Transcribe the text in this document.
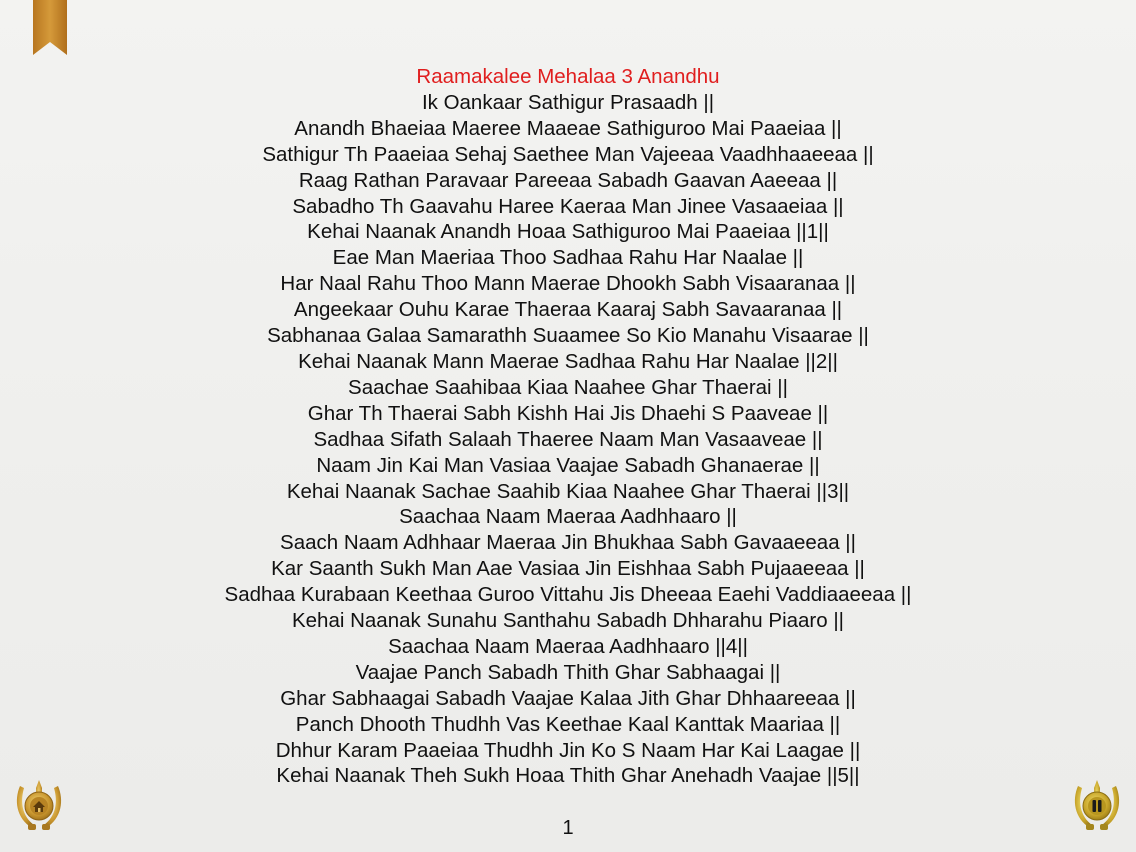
Raamakalee Mehalaa 3 Anandhu
Ik Oankaar Sathigur Prasaadh ||
Anandh Bhaeiaa Maeree Maaeae Sathiguroo Mai Paaeiaa ||
Sathigur Th Paaeiaa Sehaj Saethee Man Vajeeaa Vaadhhaaeeaa ||
Raag Rathan Paravaar Pareeaa Sabadh Gaavan Aaeeaa ||
Sabadho Th Gaavahu Haree Kaeraa Man Jinee Vasaaeiaa ||
Kehai Naanak Anandh Hoaa Sathiguroo Mai Paaeiaa ||1||
Eae Man Maeriaa Thoo Sadhaa Rahu Har Naalae ||
Har Naal Rahu Thoo Mann Maerae Dhookh Sabh Visaaranaa ||
Angeekaar Ouhu Karae Thaeraa Kaaraj Sabh Savaaranaa ||
Sabhanaa Galaa Samarathh Suaamee So Kio Manahu Visaarae ||
Kehai Naanak Mann Maerae Sadhaa Rahu Har Naalae ||2||
Saachae Saahibaa Kiaa Naahee Ghar Thaerai ||
Ghar Th Thaerai Sabh Kishh Hai Jis Dhaehi S Paaveae ||
Sadhaa Sifath Salaah Thaeree Naam Man Vasaaveae ||
Naam Jin Kai Man Vasiaa Vaajae Sabadh Ghanaerae ||
Kehai Naanak Sachae Saahib Kiaa Naahee Ghar Thaerai ||3||
Saachaa Naam Maeraa Aadhhaaro ||
Saach Naam Adhhaar Maeraa Jin Bhukhaa Sabh Gavaaeeaa ||
Kar Saanth Sukh Man Aae Vasiaa Jin Eishhaa Sabh Pujaaeeaa ||
Sadhaa Kurabaan Keethaa Guroo Vittahu Jis Dheeaa Eaehi Vaddiaaeeaa ||
Kehai Naanak Sunahu Santhahu Sabadh Dhharahu Piaaro ||
Saachaa Naam Maeraa Aadhhaaro ||4||
Vaajae Panch Sabadh Thith Ghar Sabhaagai ||
Ghar Sabhaagai Sabadh Vaajae Kalaa Jith Ghar Dhhaareeaa ||
Panch Dhooth Thudhh Vas Keethae Kaal Kanttak Maariaa ||
Dhhur Karam Paaeiaa Thudhh Jin Ko S Naam Har Kai Laagae ||
Kehai Naanak Theh Sukh Hoaa Thith Ghar Anehadh Vaajae ||5||
1
